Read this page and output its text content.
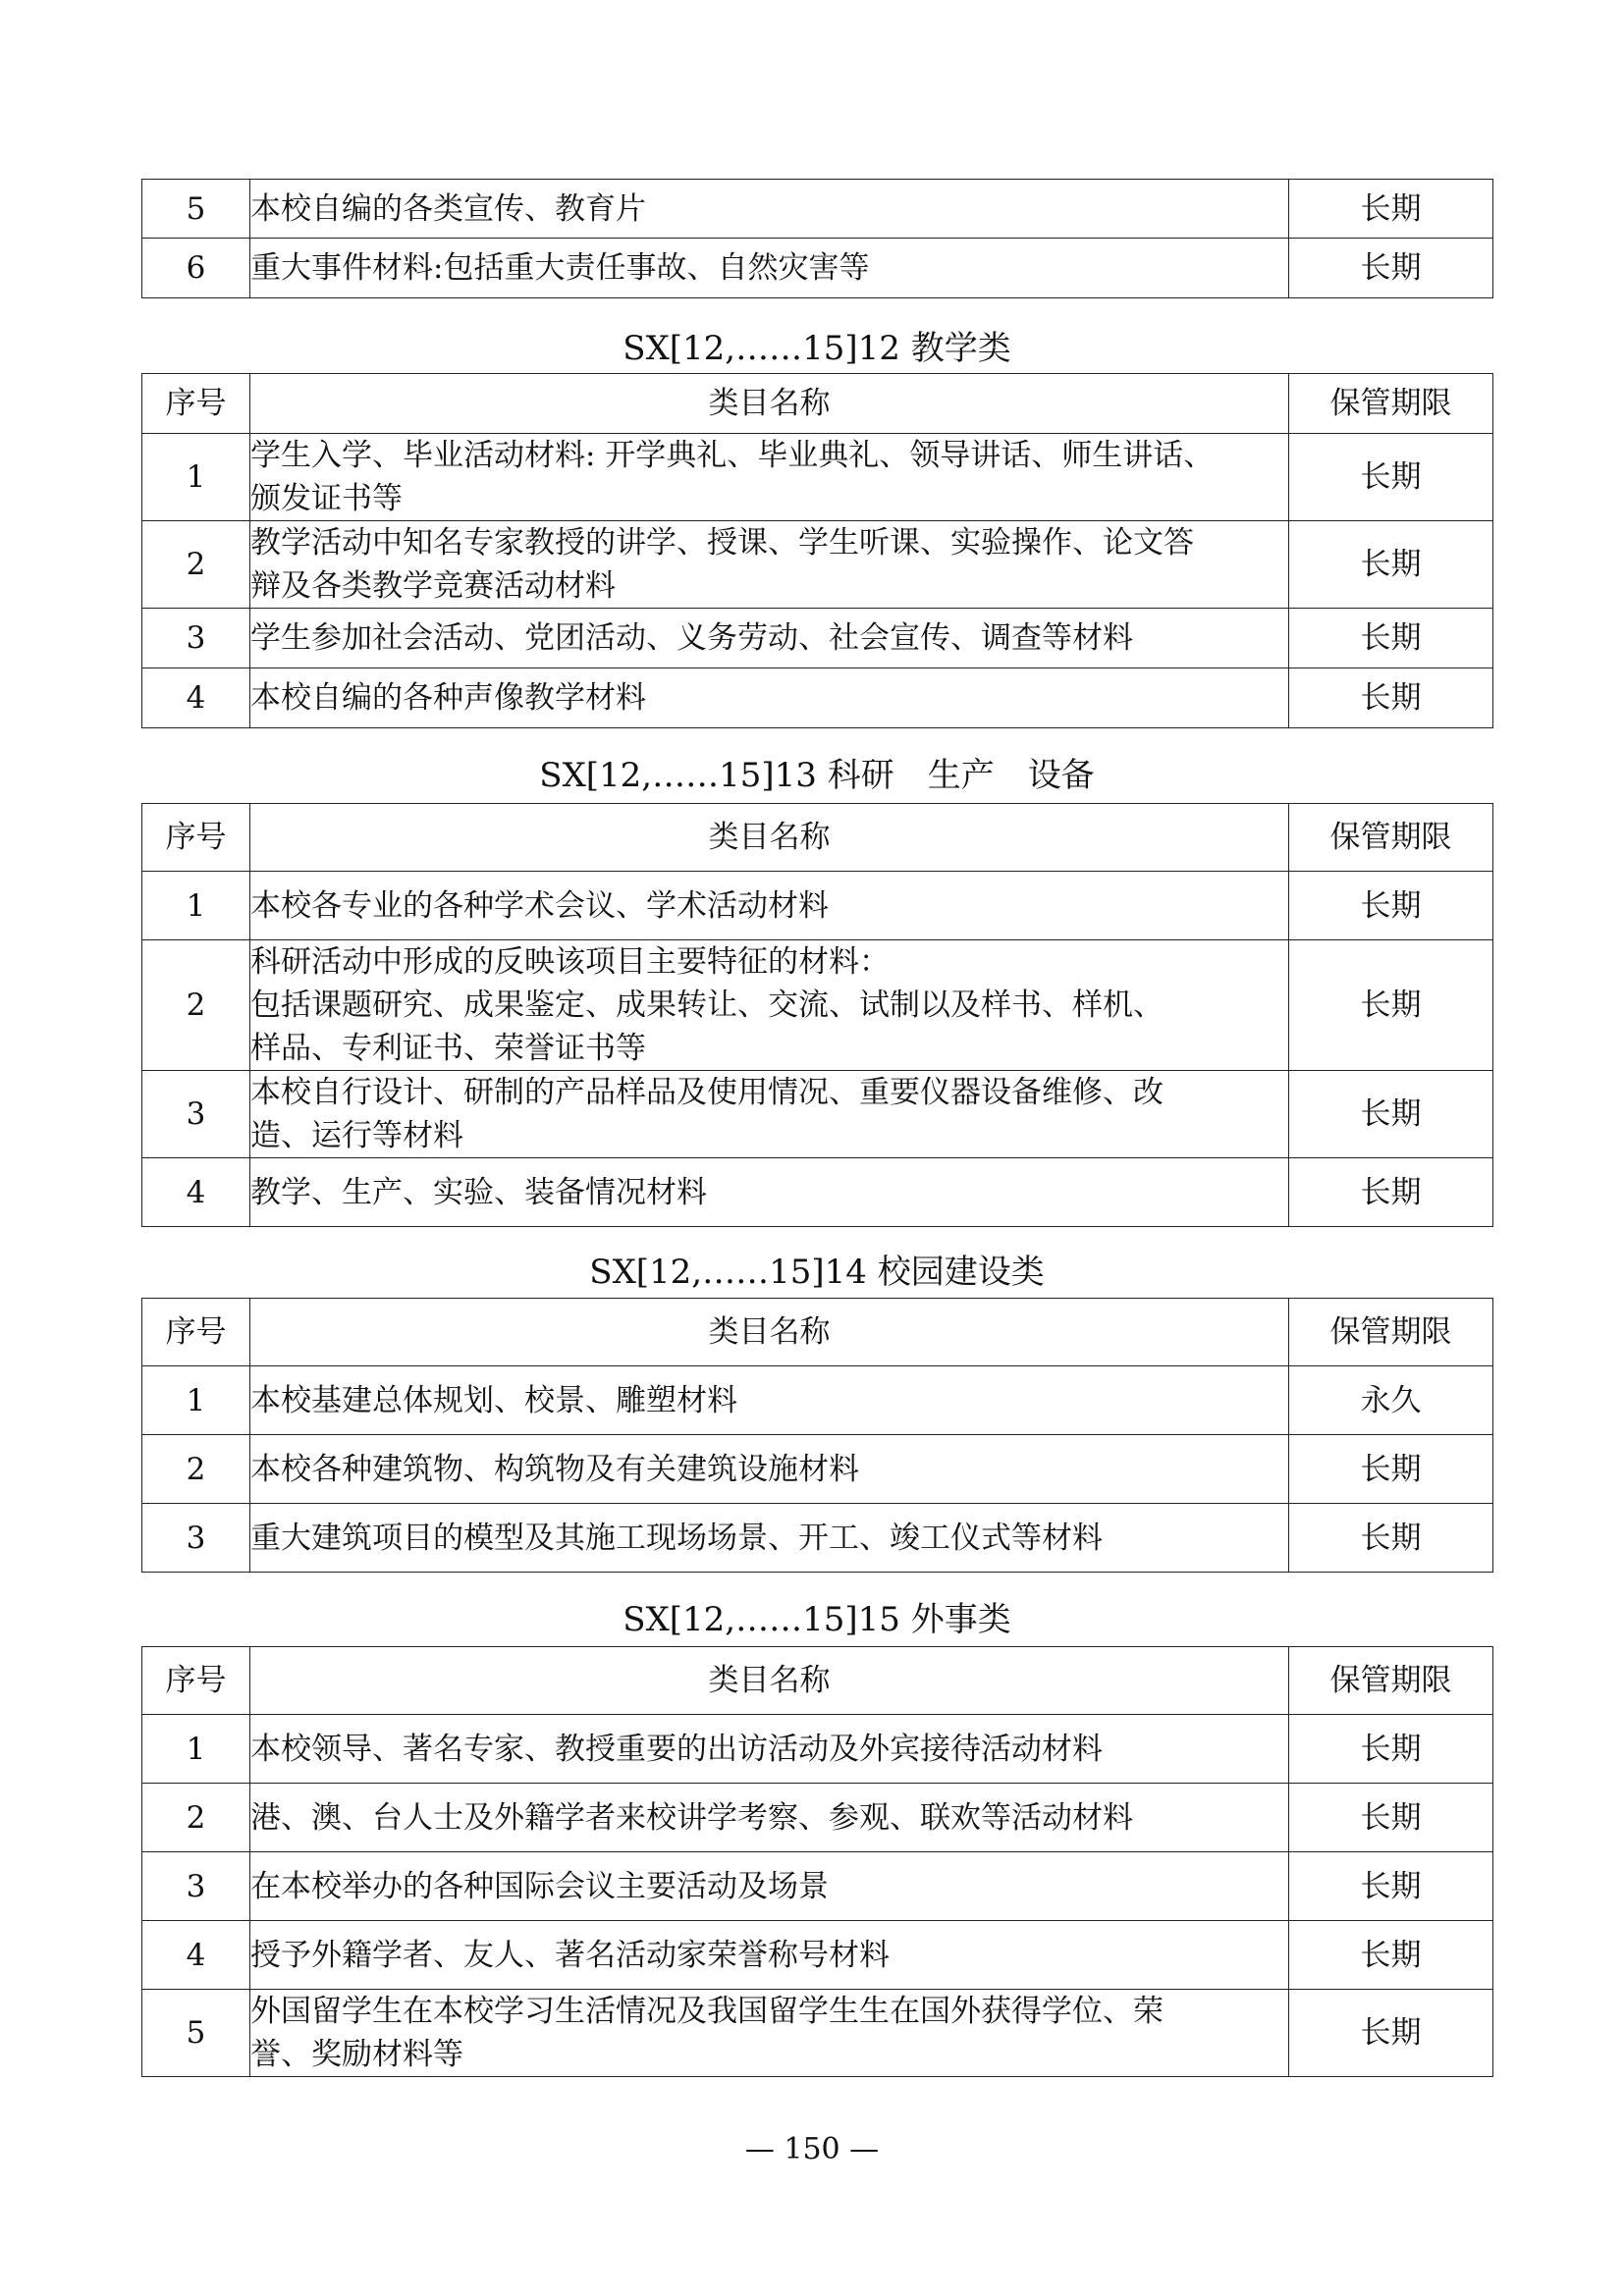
5	本校自编的各类宣传、教育片	长期
6	重大事件材料:包括重大责任事故、自然灾害等	长期
SX[12,……15]12 教学类
序号	类目名称	保管期限
1	学生入学、毕业活动材料: 开学典礼、毕业典礼、领导讲话、师生讲话、
颁发证书等	长期
2	教学活动中知名专家教授的讲学、授课、学生听课、实验操作、论文答
辩及各类教学竞赛活动材料	长期
3	学生参加社会活动、党团活动、义务劳动、社会宣传、调查等材料	长期
4	本校自编的各种声像教学材料	长期
SX[12,……15]13 科研　生产　设备
序号	类目名称	保管期限
1	本校各专业的各种学术会议、学术活动材料	长期
2	科研活动中形成的反映该项目主要特征的材料：
包括课题研究、成果鉴定、成果转让、交流、试制以及样书、样机、
样品、专利证书、荣誉证书等	长期
3	本校自行设计、研制的产品样品及使用情况、重要仪器设备维修、改
造、运行等材料	长期
4	教学、生产、实验、装备情况材料	长期
SX[12,……15]14 校园建设类
序号	类目名称	保管期限
1	本校基建总体规划、校景、雕塑材料	永久
2	本校各种建筑物、构筑物及有关建筑设施材料	长期
3	重大建筑项目的模型及其施工现场场景、开工、竣工仪式等材料	长期
SX[12,……15]15 外事类
序号	类目名称	保管期限
1	本校领导、著名专家、教授重要的出访活动及外宾接待活动材料	长期
2	港、澳、台人士及外籍学者来校讲学考察、参观、联欢等活动材料	长期
3	在本校举办的各种国际会议主要活动及场景	长期
4	授予外籍学者、友人、著名活动家荣誉称号材料	长期
5	外国留学生在本校学习生活情况及我国留学生生在国外获得学位、荣
誉、奖励材料等	长期
— 150 —
